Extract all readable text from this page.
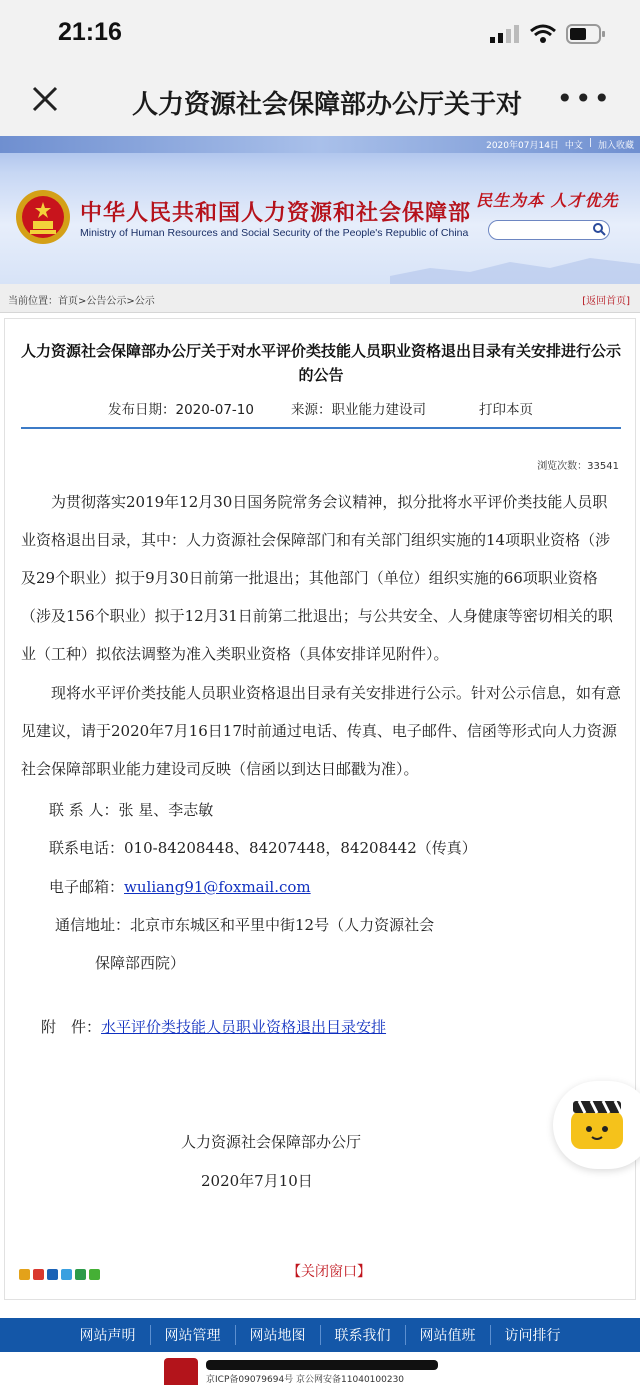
21:16
人力资源社会保障部办公厅关于对 •••
2020年07月14日 中文 | 加入收藏
中华人民共和国人力资源和社会保障部
Ministry of Human Resources and Social Security of the People's Republic of China
民生为本 人才优先
当前位置：首页>公告公示>公示	[返回首页]
人力资源社会保障部办公厅关于对水平评价类技能人员职业资格退出目录有关安排进行公示的公告
发布日期：2020-07-10	来源：职业能力建设司	打印本页
浏览次数：33541
为贯彻落实2019年12月30日国务院常务会议精神，拟分批将水平评价类技能人员职业资格退出目录，其中：人力资源社会保障部门和有关部门组织实施的14项职业资格（涉及29个职业）拟于9月30日前第一批退出；其他部门（单位）组织实施的66项职业资格（涉及156个职业）拟于12月31日前第二批退出；与公共安全、人身健康等密切相关的职业（工种）拟依法调整为准入类职业资格（具体安排详见附件）。
现将水平评价类技能人员职业资格退出目录有关安排进行公示。针对公示信息，如有意见建议，请于2020年7月16日17时前通过电话、传真、电子邮件、信函等形式向人力资源社会保障部职业能力建设司反映（信函以到达日邮戳为准）。
联 系 人：张 星、李志敏
联系电话：010-84208448、84207448，84208442（传真）
电子邮箱：wuliang91@foxmail.com
通信地址：北京市东城区和平里中街12号（人力资源社会
保障部西院）
附　件：水平评价类技能人员职业资格退出目录安排
人力资源社会保障部办公厅
2020年7月10日
【关闭窗口】
网站声明	网站管理	网站地图	联系我们	网站值班	访问排行
京ICP备09079694号 京公网安备11040100230
